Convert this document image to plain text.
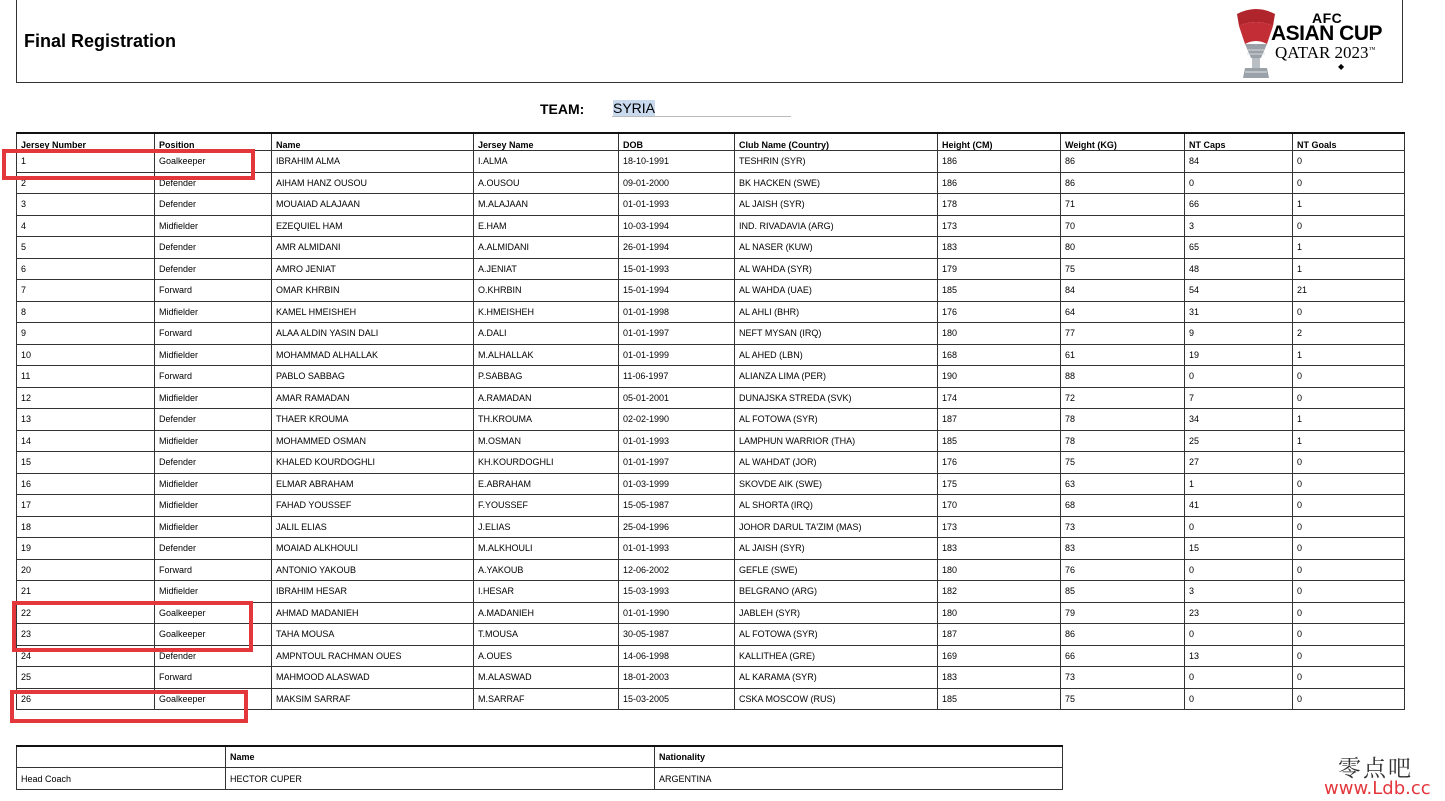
Final Registration
AFC
ASIAN CUP
QATAR 2023™
◆
TEAM: SYRIA
Jersey Number	Position	Name	Jersey Name	DOB	Club Name (Country)	Height (CM)	Weight (KG)	NT Caps	NT Goals
1	Goalkeeper	IBRAHIM ALMA	I.ALMA	18-10-1991	TESHRIN (SYR)	186	86	84	0
2	Defender	AIHAM HANZ OUSOU	A.OUSOU	09-01-2000	BK HACKEN (SWE)	186	86	0	0
3	Defender	MOUAIAD ALAJAAN	M.ALAJAAN	01-01-1993	AL JAISH (SYR)	178	71	66	1
4	Midfielder	EZEQUIEL HAM	E.HAM	10-03-1994	IND. RIVADAVIA (ARG)	173	70	3	0
5	Defender	AMR ALMIDANI	A.ALMIDANI	26-01-1994	AL NASER (KUW)	183	80	65	1
6	Defender	AMRO JENIAT	A.JENIAT	15-01-1993	AL WAHDA (SYR)	179	75	48	1
7	Forward	OMAR KHRBIN	O.KHRBIN	15-01-1994	AL WAHDA (UAE)	185	84	54	21
8	Midfielder	KAMEL HMEISHEH	K.HMEISHEH	01-01-1998	AL AHLI (BHR)	176	64	31	0
9	Forward	ALAA ALDIN YASIN DALI	A.DALI	01-01-1997	NEFT MYSAN (IRQ)	180	77	9	2
10	Midfielder	MOHAMMAD ALHALLAK	M.ALHALLAK	01-01-1999	AL AHED (LBN)	168	61	19	1
11	Forward	PABLO SABBAG	P.SABBAG	11-06-1997	ALIANZA LIMA (PER)	190	88	0	0
12	Midfielder	AMAR RAMADAN	A.RAMADAN	05-01-2001	DUNAJSKA STREDA (SVK)	174	72	7	0
13	Defender	THAER KROUMA	TH.KROUMA	02-02-1990	AL FOTOWA (SYR)	187	78	34	1
14	Midfielder	MOHAMMED OSMAN	M.OSMAN	01-01-1993	LAMPHUN WARRIOR (THA)	185	78	25	1
15	Defender	KHALED KOURDOGHLI	KH.KOURDOGHLI	01-01-1997	AL WAHDAT (JOR)	176	75	27	0
16	Midfielder	ELMAR ABRAHAM	E.ABRAHAM	01-03-1999	SKOVDE AIK (SWE)	175	63	1	0
17	Midfielder	FAHAD YOUSSEF	F.YOUSSEF	15-05-1987	AL SHORTA (IRQ)	170	68	41	0
18	Midfielder	JALIL ELIAS	J.ELIAS	25-04-1996	JOHOR DARUL TA'ZIM (MAS)	173	73	0	0
19	Defender	MOAIAD ALKHOULI	M.ALKHOULI	01-01-1993	AL JAISH (SYR)	183	83	15	0
20	Forward	ANTONIO YAKOUB	A.YAKOUB	12-06-2002	GEFLE (SWE)	180	76	0	0
21	Midfielder	IBRAHIM HESAR	I.HESAR	15-03-1993	BELGRANO (ARG)	182	85	3	0
22	Goalkeeper	AHMAD MADANIEH	A.MADANIEH	01-01-1990	JABLEH (SYR)	180	79	23	0
23	Goalkeeper	TAHA MOUSA	T.MOUSA	30-05-1987	AL FOTOWA (SYR)	187	86	0	0
24	Defender	AMPNTOUL RACHMAN OUES	A.OUES	14-06-1998	KALLITHEA (GRE)	169	66	13	0
25	Forward	MAHMOOD ALASWAD	M.ALASWAD	18-01-2003	AL KARAMA (SYR)	183	73	0	0
26	Goalkeeper	MAKSIM SARRAF	M.SARRAF	15-03-2005	CSKA MOSCOW (RUS)	185	75	0	0
	Name	Nationality
Head Coach	HECTOR CUPER	ARGENTINA	零点吧
www.Ldb.cc
